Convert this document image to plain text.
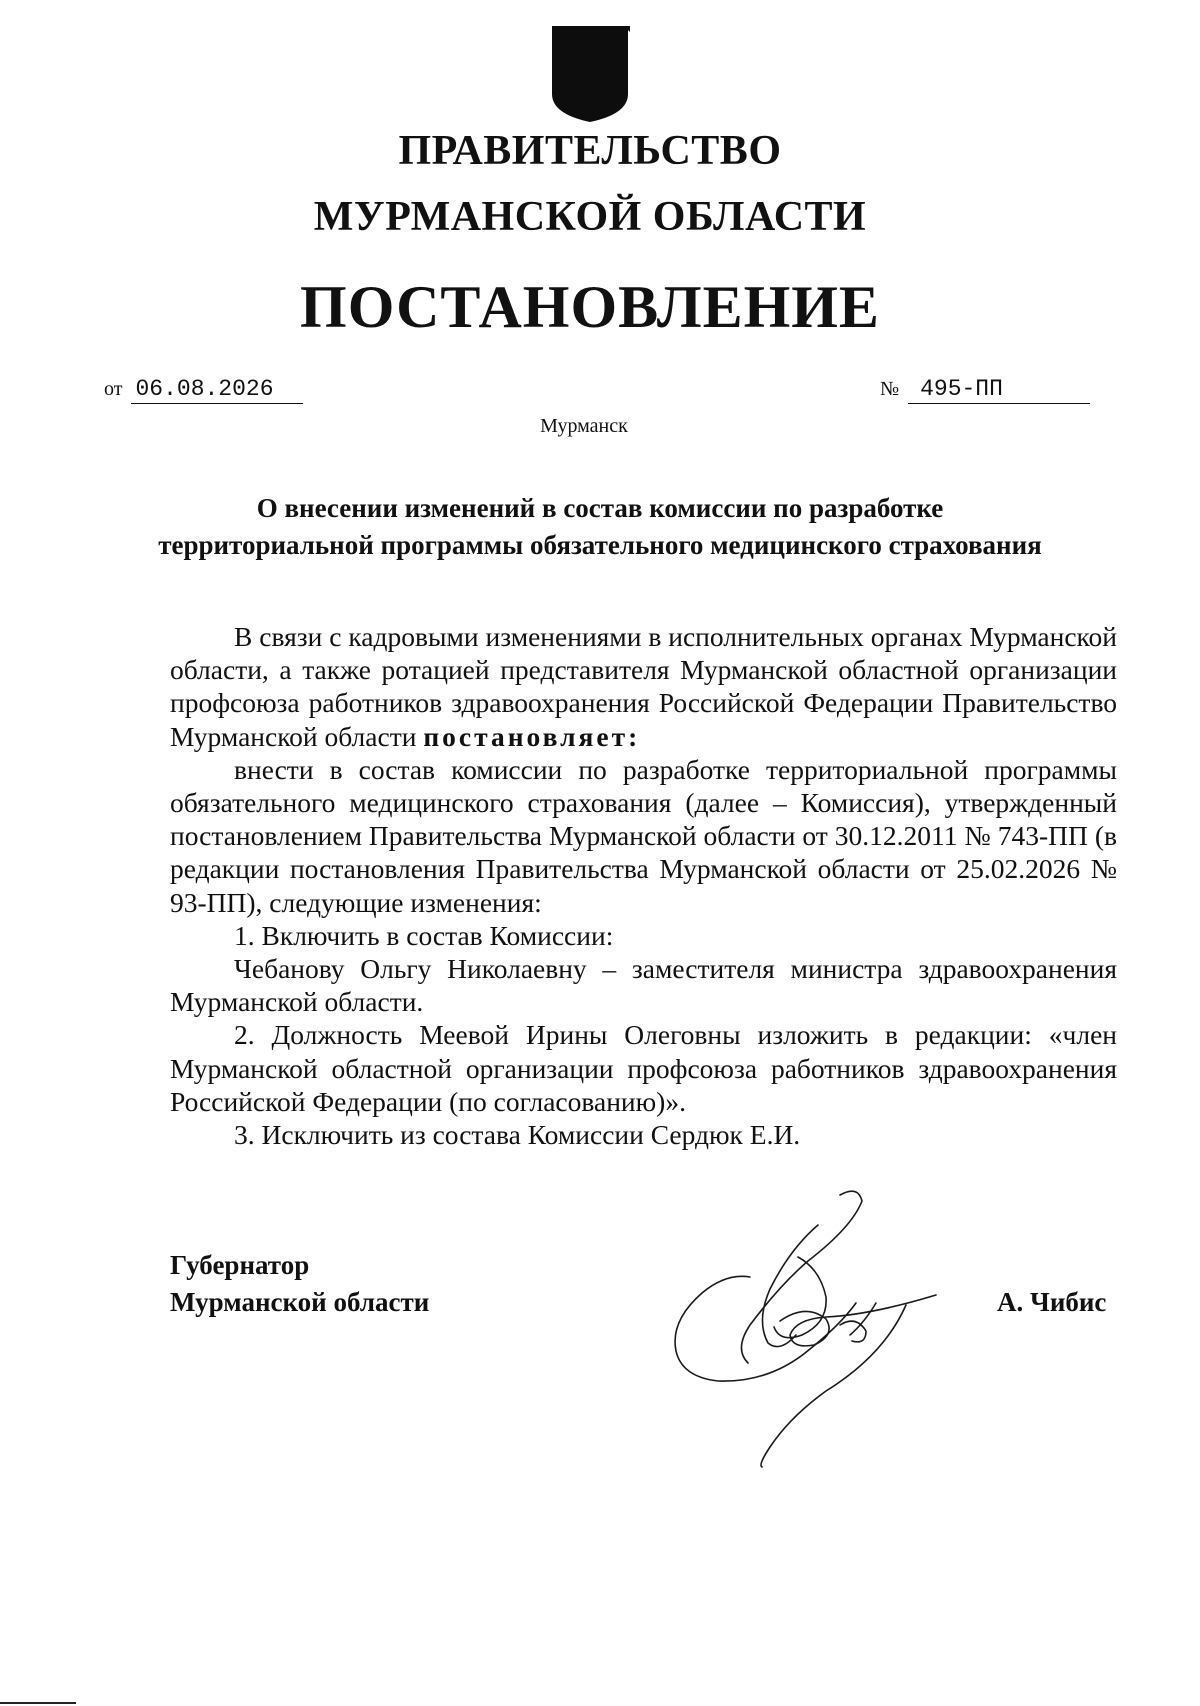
ПРАВИТЕЛЬСТВО
МУРМАНСКОЙ ОБЛАСТИ
ПОСТАНОВЛЕНИЕ
от 06.08.2026	№ 495-ПП
Мурманск
О внесении изменений в состав комиссии по разработке
территориальной программы обязательного медицинского страхования

В связи с кадровыми изменениями в исполнительных органах Мурманской области, а также ротацией представителя Мурманской областной организации профсоюза работников здравоохранения Российской Федерации Правительство Мурманской области постановляет:

внести в состав комиссии по разработке территориальной программы обязательного медицинского страхования (далее – Комиссия), утвержденный постановлением Правительства Мурманской области от 30.12.2011 № 743-ПП (в редакции постановления Правительства Мурманской области от 25.02.2026 № 93-ПП), следующие изменения:

1. Включить в состав Комиссии:

Чебанову Ольгу Николаевну – заместителя министра здравоохранения Мурманской области.

2. Должность Меевой Ирины Олеговны изложить в редакции: «член Мурманской областной организации профсоюза работников здравоохранения Российской Федерации (по согласованию)».

3. Исключить из состава Комиссии Сердюк Е.И.

Губернатор
Мурманской области	А. Чибис
